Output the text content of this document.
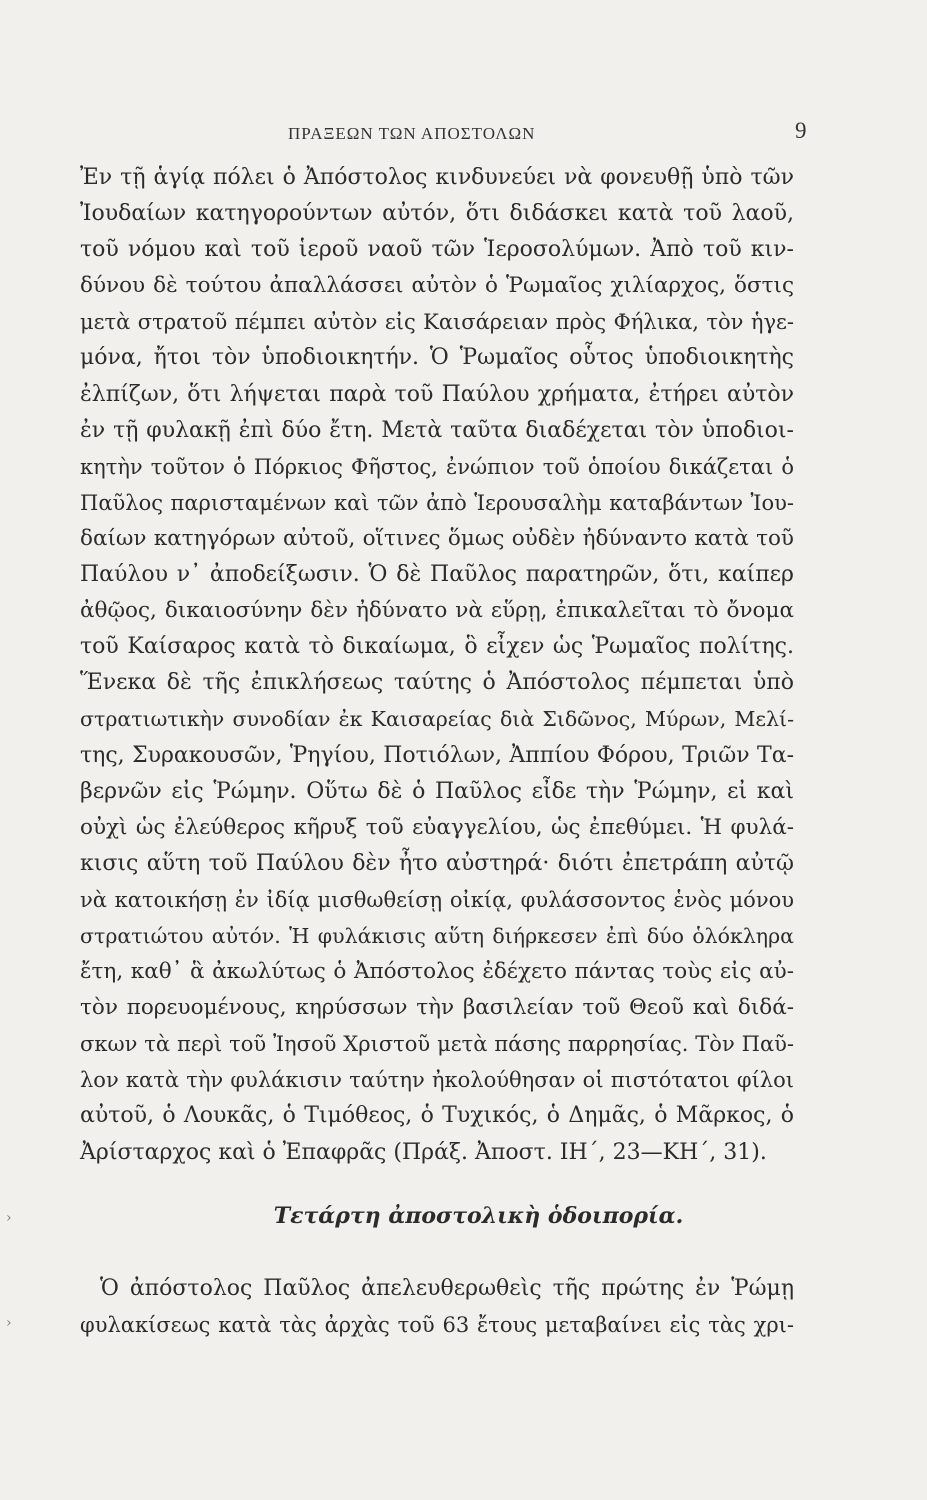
ΠΡΑΞΕΩΝ ΤΩΝ ΑΠΟΣΤΟΛΩΝ	9
Ἐν τῇ ἁγίᾳ πόλει ὁ Ἀπόστολος κινδυνεύει νὰ φονευθῇ ὑπὸ τῶν
Ἰουδαίων κατηγορούντων αὐτόν, ὅτι διδάσκει κατὰ τοῦ λαοῦ,
τοῦ νόμου καὶ τοῦ ἱεροῦ ναοῦ τῶν Ἱεροσολύμων. Ἀπὸ τοῦ κιν-
δύνου δὲ τούτου ἀπαλλάσσει αὐτὸν ὁ Ῥωμαῖος χιλίαρχος, ὅστις
μετὰ στρατοῦ πέμπει αὐτὸν εἰς Καισάρειαν πρὸς Φήλικα, τὸν ἡγε-
μόνα, ἤτοι τὸν ὑποδιοικητήν. Ὁ Ῥωμαῖος οὗτος ὑποδιοικητὴς
ἐλπίζων, ὅτι λήψεται παρὰ τοῦ Παύλου χρήματα, ἐτήρει αὐτὸν
ἐν τῇ φυλακῇ ἐπὶ δύο ἔτη. Μετὰ ταῦτα διαδέχεται τὸν ὑποδιοι-
κητὴν τοῦτον ὁ Πόρκιος Φῆστος, ἐνώπιον τοῦ ὁποίου δικάζεται ὁ
Παῦλος παρισταμένων καὶ τῶν ἀπὸ Ἱερουσαλὴμ καταβάντων Ἰου-
δαίων κατηγόρων αὐτοῦ, οἵτινες ὅμως οὐδὲν ἠδύναντο κατὰ τοῦ
Παύλου ν᾽ ἀποδείξωσιν. Ὁ δὲ Παῦλος παρατηρῶν, ὅτι, καίπερ
ἀθῷος, δικαιοσύνην δὲν ἠδύνατο νὰ εὕρῃ, ἐπικαλεῖται τὸ ὄνομα
τοῦ Καίσαρος κατὰ τὸ δικαίωμα, ὃ εἶχεν ὡς Ῥωμαῖος πολίτης.
Ἕνεκα δὲ τῆς ἐπικλήσεως ταύτης ὁ Ἀπόστολος πέμπεται ὑπὸ
στρατιωτικὴν συνοδίαν ἐκ Καισαρείας διὰ Σιδῶνος, Μύρων, Μελί-
της, Συρακουσῶν, Ῥηγίου, Ποτιόλων, Ἀππίου Φόρου, Τριῶν Τα-
βερνῶν εἰς Ῥώμην. Οὕτω δὲ ὁ Παῦλος εἶδε τὴν Ῥώμην, εἰ καὶ
οὐχὶ ὡς ἐλεύθερος κῆρυξ τοῦ εὐαγγελίου, ὡς ἐπεθύμει. Ἡ φυλά-
κισις αὕτη τοῦ Παύλου δὲν ἦτο αὐστηρά· διότι ἐπετράπη αὐτῷ
νὰ κατοικήσῃ ἐν ἰδίᾳ μισθωθείσῃ οἰκίᾳ, φυλάσσοντος ἑνὸς μόνου
στρατιώτου αὐτόν. Ἡ φυλάκισις αὕτη διήρκεσεν ἐπὶ δύο ὁλόκληρα
ἔτη, καθ᾽ ἃ ἀκωλύτως ὁ Ἀπόστολος ἐδέχετο πάντας τοὺς εἰς αὐ-
τὸν πορευομένους, κηρύσσων τὴν βασιλείαν τοῦ Θεοῦ καὶ διδά-
σκων τὰ περὶ τοῦ Ἰησοῦ Χριστοῦ μετὰ πάσης παρρησίας. Τὸν Παῦ-
λον κατὰ τὴν φυλάκισιν ταύτην ἠκολούθησαν οἱ πιστότατοι φίλοι
αὐτοῦ, ὁ Λουκᾶς, ὁ Τιμόθεος, ὁ Τυχικός, ὁ Δημᾶς, ὁ Μᾶρκος, ὁ
Ἀρίσταρχος καὶ ὁ Ἐπαφρᾶς (Πράξ. Ἀποστ. ΙΗ΄, 23—ΚΗ΄, 31).
Τετάρτη ἀποστολικὴ ὁδοιπορία.
Ὁ ἀπόστολος Παῦλος ἀπελευθερωθεὶς τῆς πρώτης ἐν Ῥώμῃ
φυλακίσεως κατὰ τὰς ἀρχὰς τοῦ 63 ἔτους μεταβαίνει εἰς τὰς χρι-
›
›
